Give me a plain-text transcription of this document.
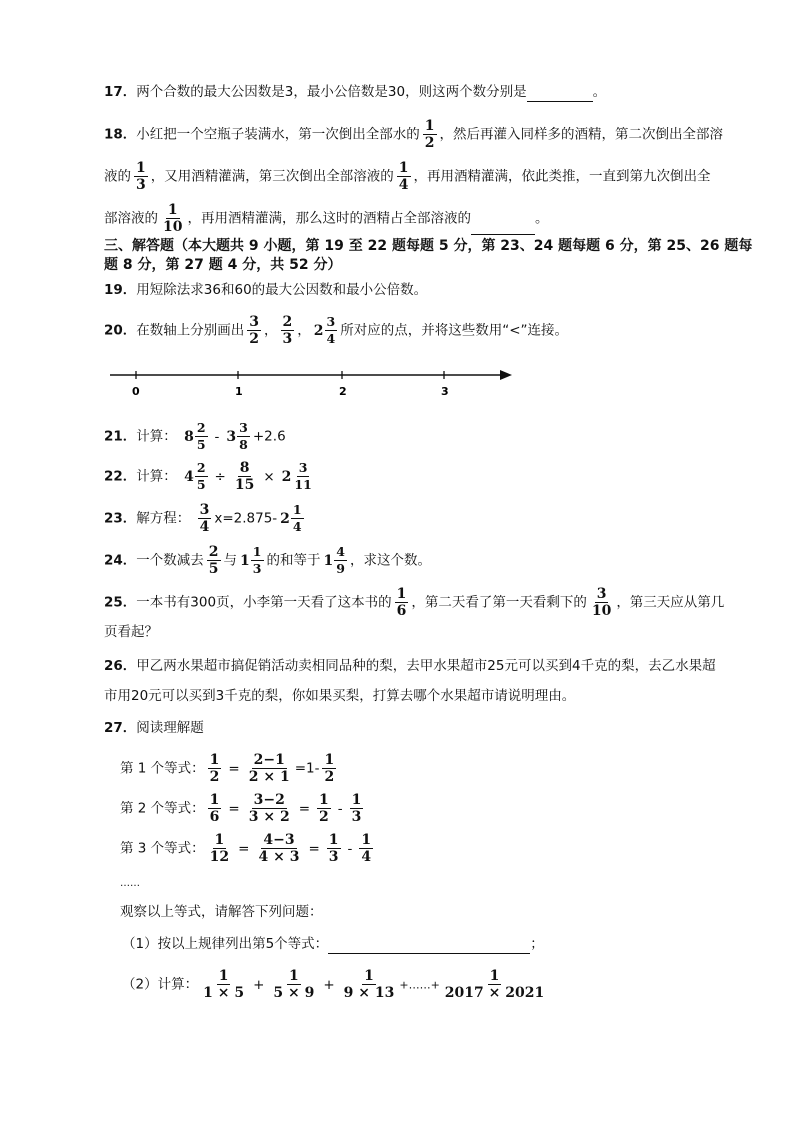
17．两个合数的最大公因数是3，最小公倍数是30，则这两个数分别是	。
18．小红把一个空瓶子装满水，第一次倒出全部水的 $\frac{1}{2}$ ，然后再灌入同样多的酒精，第二次倒出全部溶
液的 $\frac{1}{3}$ ，又用酒精灌满，第三次倒出全部溶液的 $\frac{1}{4}$ ，再用酒精灌满，依此类推，一直到第九次倒出全
部溶液的 $\frac{1}{10}$ ，再用酒精灌满，那么这时的酒精占全部溶液的	。
三、解答题（本大题共 9 小题，第 19 至 22 题每题 5 分，第 23、24 题每题 6 分，第 25、26 题每
题 8 分，第 27 题 4 分，共 52 分）
19．用短除法求36和60的最大公因数和最小公倍数。
20．在数轴上分别画出 $\frac{3}{2}$ ， $\frac{2}{3}$ ， 2
3
4 所对应的点，并将这些数用“<”连接。
0	1	2	3
21．计算： 8
2
5 - 3
3
8 +2.6
22．计算： 4
2
$5 \div \frac{8}{15} \times 2$
3
11
23．解方程： $\frac{3}{4} x=2.875-$ 2
1
4
24．一个数减去 $\frac{2}{5}$ 与 1
1
3 的和等于 1
4
9 ，求这个数。
25．一本书有300页，小李第一天看了这本书的 $\frac{1}{6}$ ，第二天看了第一天看剩下的 $\frac{3}{10}$ ，第三天应从第几
页看起？
26．甲乙两水果超市搞促销活动卖相同品种的梨，去甲水果超市25元可以买到4千克的梨，去乙水果超
市用20元可以买到3千克的梨，你如果买梨，打算去哪个水果超市请说明理由。
27．阅读理解题
第 1 个等式： $\frac{1}{2} = \frac{2-1}{2 \times 1} =1- \frac{1}{2}$
第 2 个等式： $\frac{1}{6} = \frac{3-2}{3 \times 2} = \frac{1}{2} - \frac{1}{3}$
第 3 个等式： $\frac{1}{12} = \frac{4-3}{4 \times 3} = \frac{1}{3} - \frac{1}{4}$
……
观察以上等式，请解答下列问题：
（1）按以上规律列出第5个等式：	；
（2）计算： $\frac{1}{1 \times 5} + \frac{1}{5 \times 9} + \frac{1}{9 \times 13}$ +……+ $\frac{1}{2017 \times 2021}$
